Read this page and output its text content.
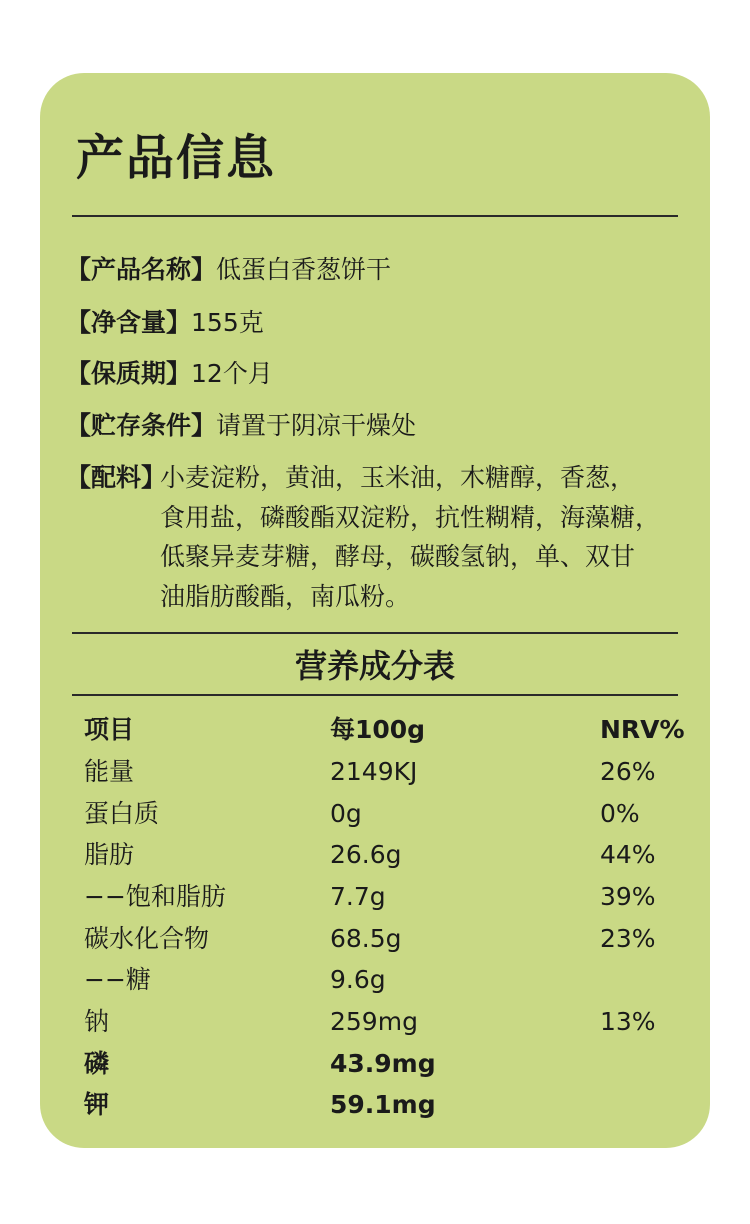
产品信息
【产品名称】低蛋白香葱饼干
【净含量】155克
【保质期】12个月
【贮存条件】请置于阴凉干燥处
【配料】
小麦淀粉，黄油，玉米油，木糖醇，香葱，
食用盐，磷酸酯双淀粉，抗性糊精，海藻糖，
低聚异麦芽糖，酵母，碳酸氢钠，单、双甘
油脂肪酸酯，南瓜粉。
营养成分表
项目	每100g	NRV%
能量	2149KJ	26%
蛋白质	0g	0%
脂肪	26.6g	44%
−−饱和脂肪	7.7g	39%
碳水化合物	68.5g	23%
−−糖	9.6g
钠	259mg	13%
磷	43.9mg
钾	59.1mg
